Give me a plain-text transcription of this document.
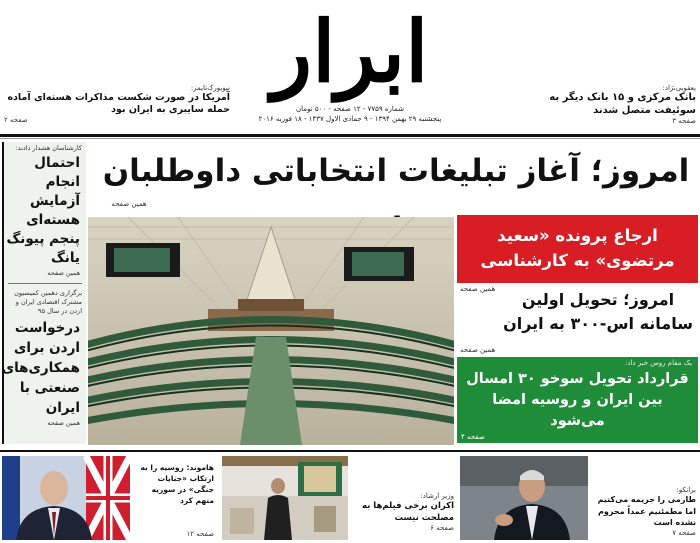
ابرار
شماره ۷۷۵۹ - ۱۲ صفحه - ۵۰۰ تومان
پنجشنبه ۲۹ بهمن ۱۳۹۴ - ۹ جمادی الاول ۱۴۳۷ - ۱۸ فوریه ۲۰۱۶
نیویورک‌تایمز:
آمریکا در صورت شکست مذاکرات هسته‌ای آماده حمله سایبری به ایران بود
صفحه ۲
یعقوبی‌نژاد:
بانک مرکزی و ۱۵ بانک دیگر به سوئیفت متصل شدند
صفحه ۳
امروز؛ آغاز تبلیغات انتخاباتی داوطلبان
همین صفحه
کارشناسان هشدار دادند:
احتمال انجام آزمایش هسته‌ای پنجم پیونگ یانگ
همین صفحه
برگزاری دهمین کمیسیون مشترک اقتصادی ایران و اردن در سال ۹۵
درخواست اردن برای همکاری‌های صنعتی با ایران
همین صفحه
ارجاع پرونده «سعید مرتضوی» به کارشناسی
همین صفحه
امروز؛ تحویل اولین سامانه اس-۳۰۰ به ایران
همین صفحه
یک مقام روس خبر داد:
قرارداد تحویل سوخو ۳۰ امسال بین ایران و روسیه امضا می‌شود
صفحه ۴
هاموند: روسیه را به ارتکاب «جنایات جنگی» در سوریه متهم کرد
صفحه ۱۲
وزیر ارشاد:
اکران برخی فیلم‌ها به مصلحت نیست
صفحه ۶
برانکو:
طارمی را جریمه می‌کنیم اما مطمئنیم عمداً محروم نشده است
صفحه ۷
